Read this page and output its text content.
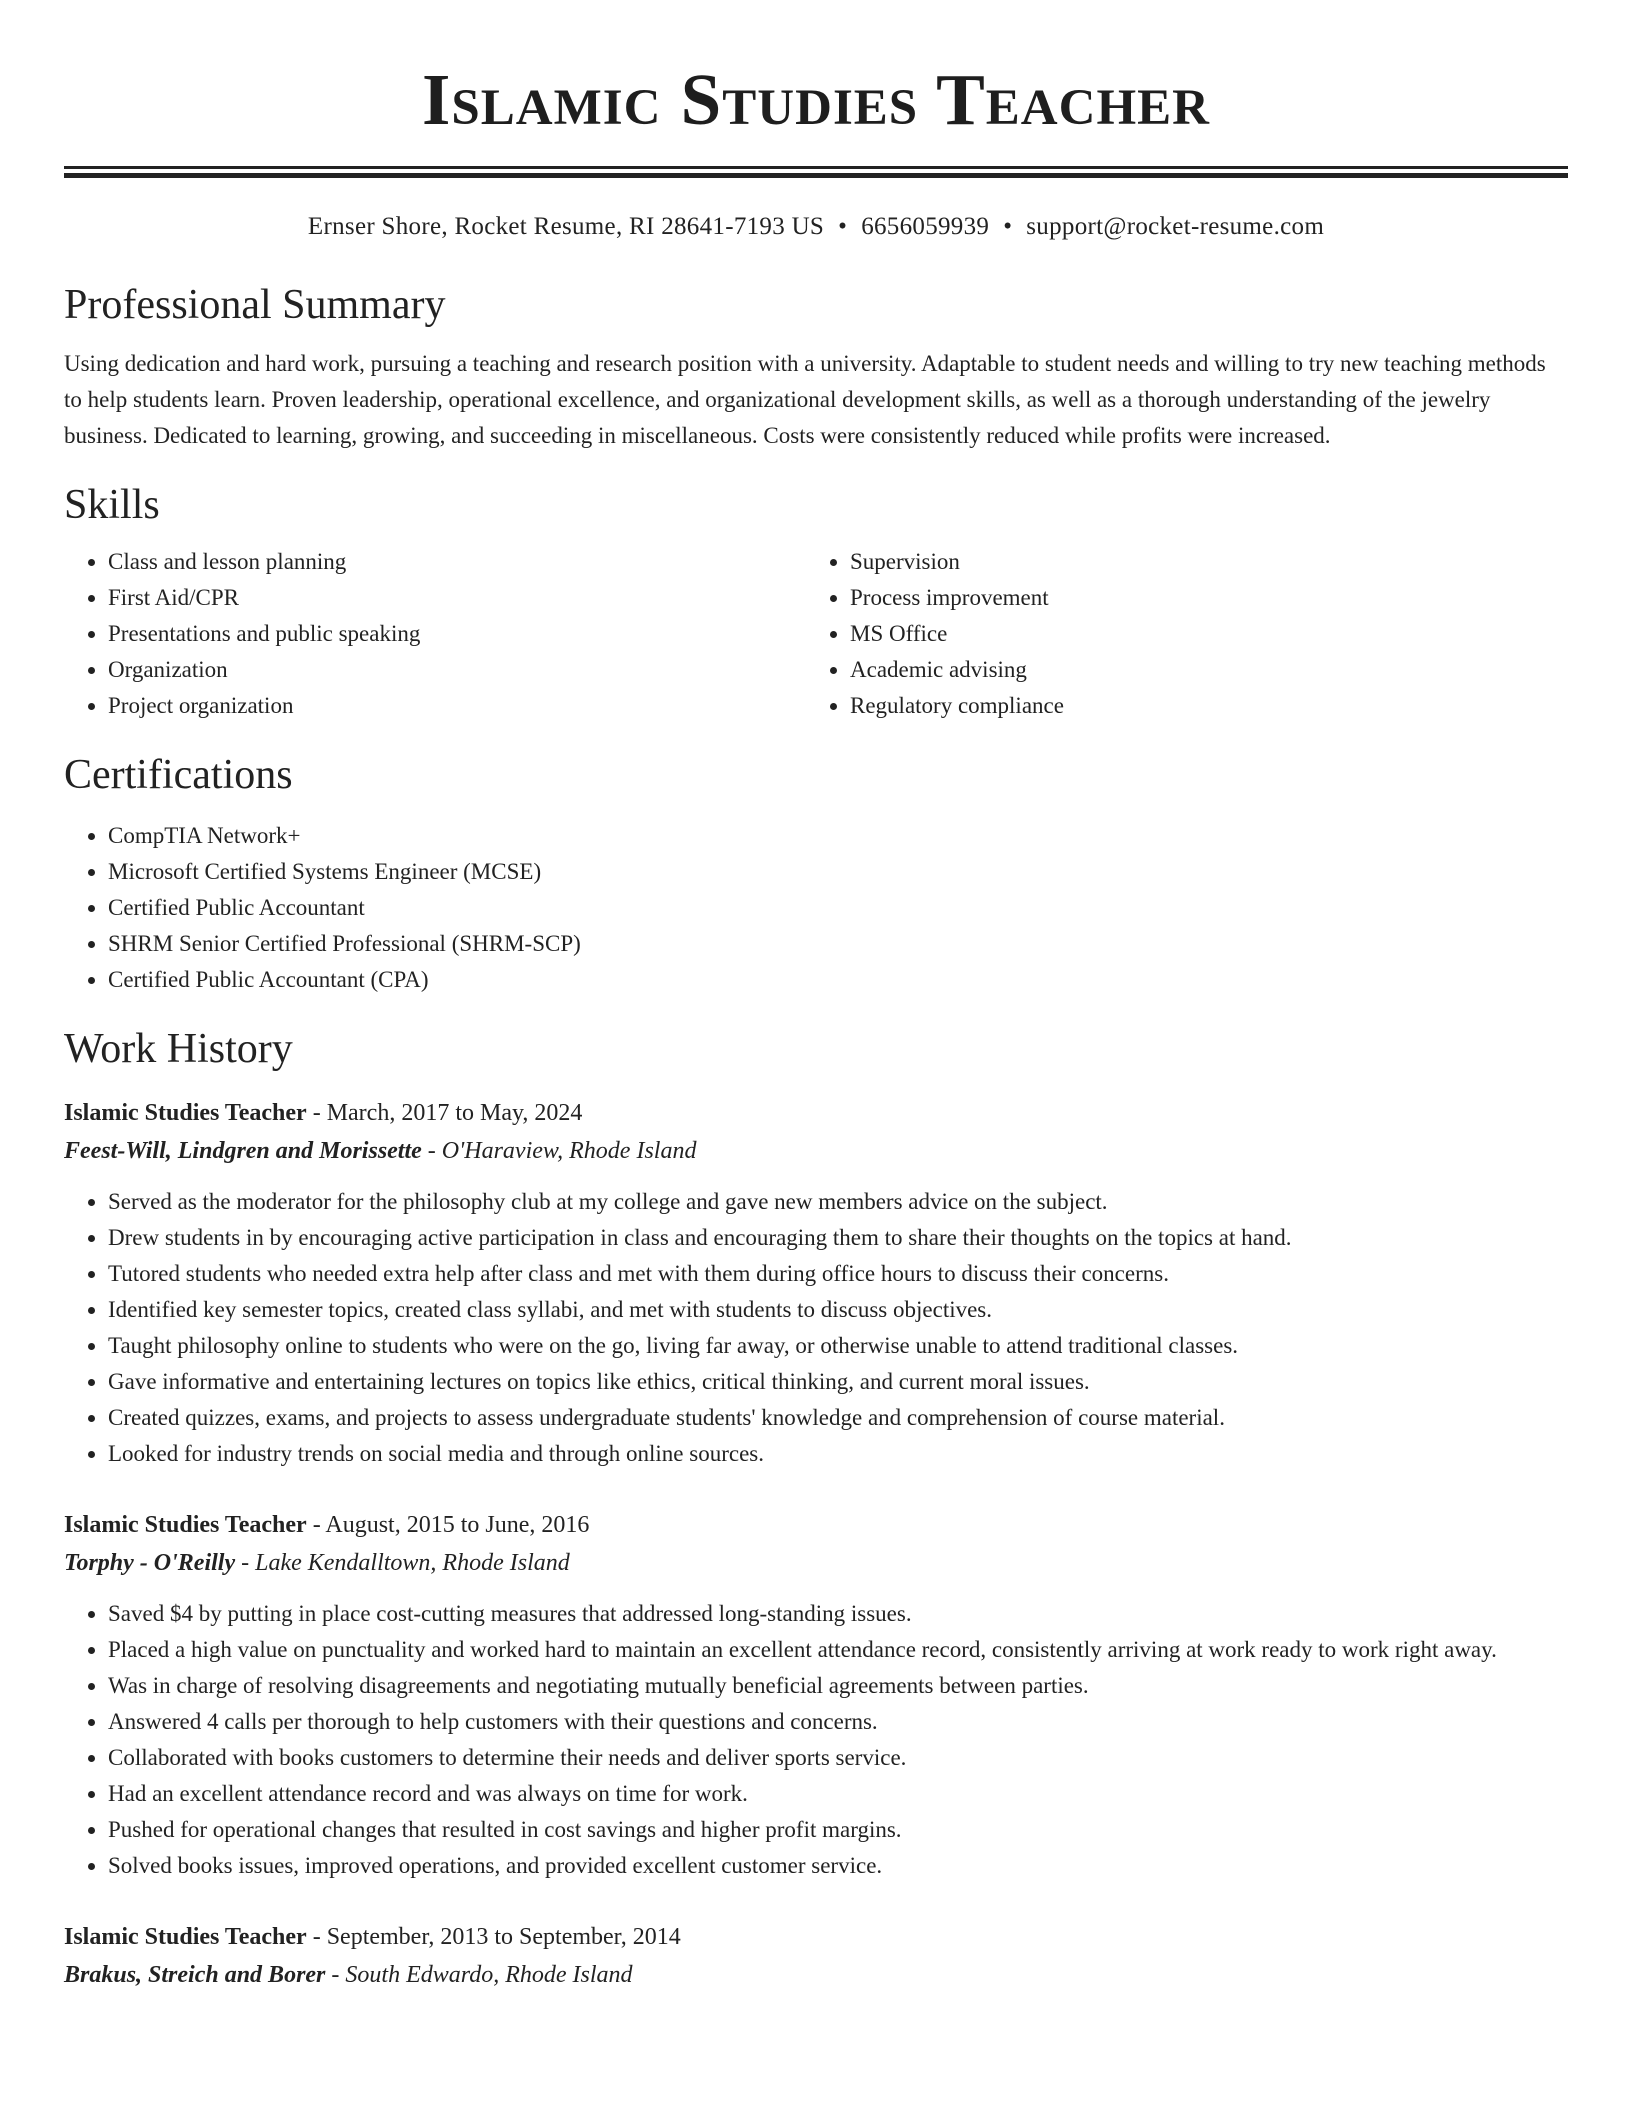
Islamic Studies Teacher
Ernser Shore, Rocket Resume, RI 28641-7193 US • 6656059939 • support@rocket-resume.com
Professional Summary

Using dedication and hard work, pursuing a teaching and research position with a university. Adaptable to student needs and willing to try new teaching methods to help students learn. Proven leadership, operational excellence, and organizational development skills, as well as a thorough understanding of the jewelry business. Dedicated to learning, growing, and succeeding in miscellaneous. Costs were consistently reduced while profits were increased.

Skills
• Class and lesson planning
• First Aid/CPR
• Presentations and public speaking
• Organization
• Project organization
• Supervision
• Process improvement
• MS Office
• Academic advising
• Regulatory compliance
Certifications
• CompTIA Network+
• Microsoft Certified Systems Engineer (MCSE)
• Certified Public Accountant
• SHRM Senior Certified Professional (SHRM-SCP)
• Certified Public Accountant (CPA)
Work History
Islamic Studies Teacher - March, 2017 to May, 2024
Feest-Will, Lindgren and Morissette - O'Haraview, Rhode Island
• Served as the moderator for the philosophy club at my college and gave new members advice on the subject.
• Drew students in by encouraging active participation in class and encouraging them to share their thoughts on the topics at hand.
• Tutored students who needed extra help after class and met with them during office hours to discuss their concerns.
• Identified key semester topics, created class syllabi, and met with students to discuss objectives.
• Taught philosophy online to students who were on the go, living far away, or otherwise unable to attend traditional classes.
• Gave informative and entertaining lectures on topics like ethics, critical thinking, and current moral issues.
• Created quizzes, exams, and projects to assess undergraduate students' knowledge and comprehension of course material.
• Looked for industry trends on social media and through online sources.
Islamic Studies Teacher - August, 2015 to June, 2016
Torphy - O'Reilly - Lake Kendalltown, Rhode Island
• Saved $4 by putting in place cost-cutting measures that addressed long-standing issues.
• Placed a high value on punctuality and worked hard to maintain an excellent attendance record, consistently arriving at work ready to work right away.
• Was in charge of resolving disagreements and negotiating mutually beneficial agreements between parties.
• Answered 4 calls per thorough to help customers with their questions and concerns.
• Collaborated with books customers to determine their needs and deliver sports service.
• Had an excellent attendance record and was always on time for work.
• Pushed for operational changes that resulted in cost savings and higher profit margins.
• Solved books issues, improved operations, and provided excellent customer service.
Islamic Studies Teacher - September, 2013 to September, 2014
Brakus, Streich and Borer - South Edwardo, Rhode Island
